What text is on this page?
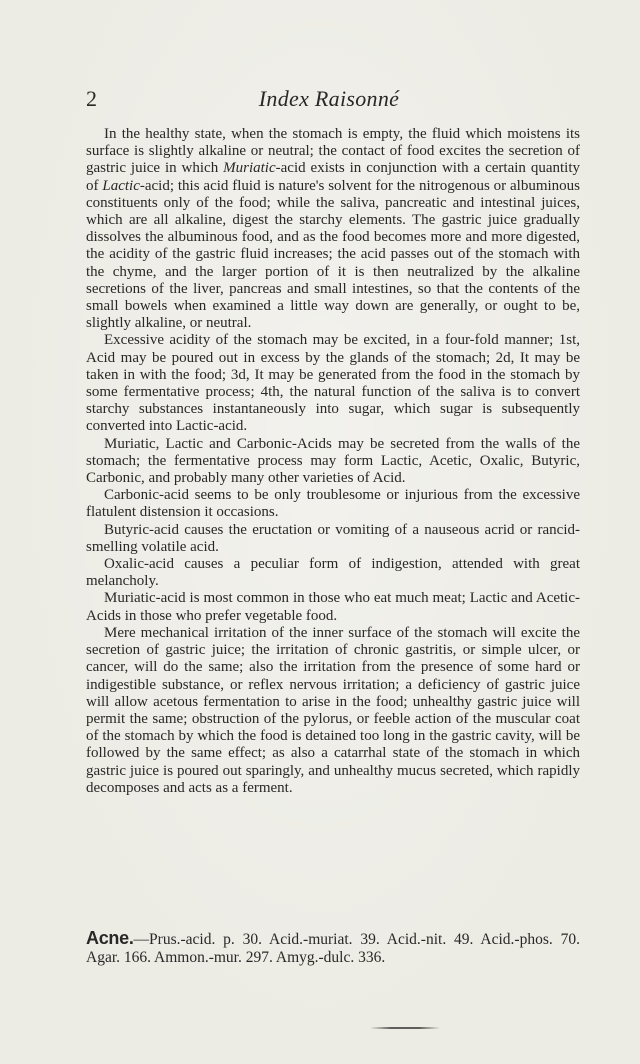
2	Index Raisonné

In the healthy state, when the stomach is empty, the fluid which moistens its surface is slightly alkaline or neutral; the contact of food excites the secretion of gastric juice in which Muriatic-acid exists in conjunction with a certain quantity of Lactic-acid; this acid fluid is nature's solvent for the nitrogenous or albuminous constituents only of the food; while the saliva, pancreatic and intestinal juices, which are all alkaline, digest the starchy elements. The gastric juice gradually dissolves the albuminous food, and as the food becomes more and more digested, the acidity of the gastric fluid increases; the acid passes out of the stomach with the chyme, and the larger portion of it is then neutralized by the alkaline secretions of the liver, pancreas and small intestines, so that the contents of the small bowels when examined a little way down are generally, or ought to be, slightly alkaline, or neutral.

Excessive acidity of the stomach may be excited, in a four-fold manner; 1st, Acid may be poured out in excess by the glands of the stomach; 2d, It may be taken in with the food; 3d, It may be generated from the food in the stomach by some fermentative process; 4th, the natural function of the saliva is to convert starchy substances instantaneously into sugar, which sugar is subsequently converted into Lactic-acid.

Muriatic, Lactic and Carbonic-Acids may be secreted from the walls of the stomach; the fermentative process may form Lactic, Acetic, Oxalic, Butyric, Carbonic, and probably many other varieties of Acid.

Carbonic-acid seems to be only troublesome or injurious from the excessive flatulent distension it occasions.

Butyric-acid causes the eructation or vomiting of a nauseous acrid or rancid-smelling volatile acid.

Oxalic-acid causes a peculiar form of indigestion, attended with great melancholy.

Muriatic-acid is most common in those who eat much meat; Lactic and Acetic-Acids in those who prefer vegetable food.

Mere mechanical irritation of the inner surface of the stomach will excite the secretion of gastric juice; the irritation of chronic gastritis, or simple ulcer, or cancer, will do the same; also the irritation from the presence of some hard or indigestible substance, or reflex nervous irritation; a deficiency of gastric juice will allow acetous fermentation to arise in the food; unhealthy gastric juice will permit the same; obstruction of the pylorus, or feeble action of the muscular coat of the stomach by which the food is detained too long in the gastric cavity, will be followed by the same effect; as also a catarrhal state of the stomach in which gastric juice is poured out sparingly, and unhealthy mucus secreted, which rapidly decomposes and acts as a ferment.

Acne.—Prus.-acid. p. 30. Acid.-muriat. 39. Acid.-nit. 49. Acid.-phos. 70. Agar. 166. Ammon.-mur. 297. Amyg.-dulc. 336.
